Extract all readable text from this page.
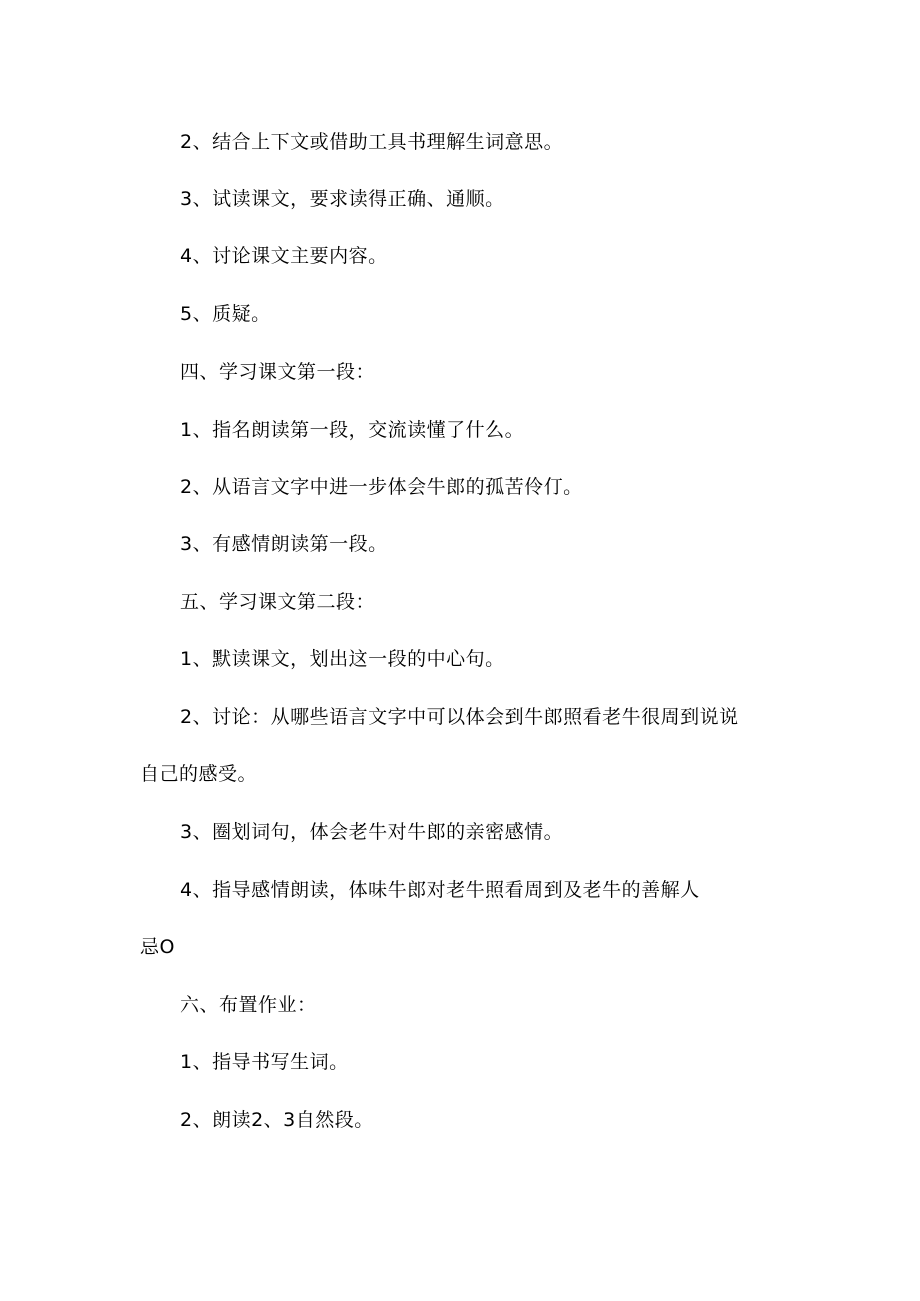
2、结合上下文或借助工具书理解生词意思。
3、试读课文，要求读得正确、通顺。
4、讨论课文主要内容。
5、质疑。
四、学习课文第一段：
1、指名朗读第一段，交流读懂了什么。
2、从语言文字中进一步体会牛郎的孤苦伶仃。
3、有感情朗读第一段。
五、学习课文第二段：
1、默读课文，划出这一段的中心句。
2、讨论：从哪些语言文字中可以体会到牛郎照看老牛很周到说说
自己的感受。
3、圈划词句，体会老牛对牛郎的亲密感情。
4、指导感情朗读，体味牛郎对老牛照看周到及老牛的善解人
忌O
六、布置作业：
1、指导书写生词。
2、朗读2、3自然段。
